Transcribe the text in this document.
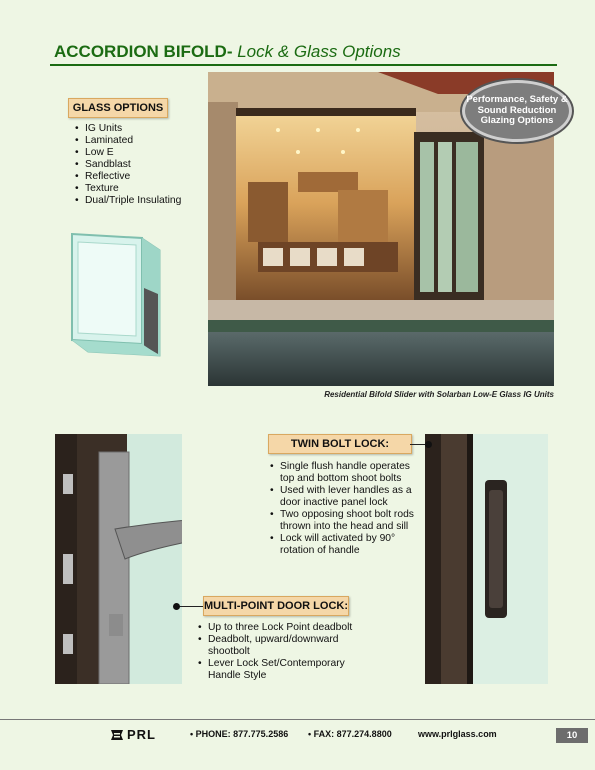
ACCORDION BIFOLD- Lock & Glass Options
GLASS OPTIONS
• IG Units
• Laminated
• Low E
• Sandblast
• Reflective
• Texture
• Dual/Triple Insulating
Performance, Safety & Sound Reduction Glazing Options
Residential Bifold Slider with Solarban Low-E Glass IG Units
TWIN BOLT LOCK:
• Single flush handle operates top and bottom shoot bolts
• Used with lever handles as a door inactive panel lock
• Two opposing shoot bolt rods thrown into the head and sill
• Lock will activated by 90° rotation of handle
MULTI-POINT DOOR LOCK:
• Up to three Lock Point deadbolt
• Deadbolt, upward/downward shootbolt
• Lever Lock Set/Contemporary Handle Style
PRL	• PHONE: 877.775.2586 • FAX: 877.274.8800	www.prlglass.com	10
